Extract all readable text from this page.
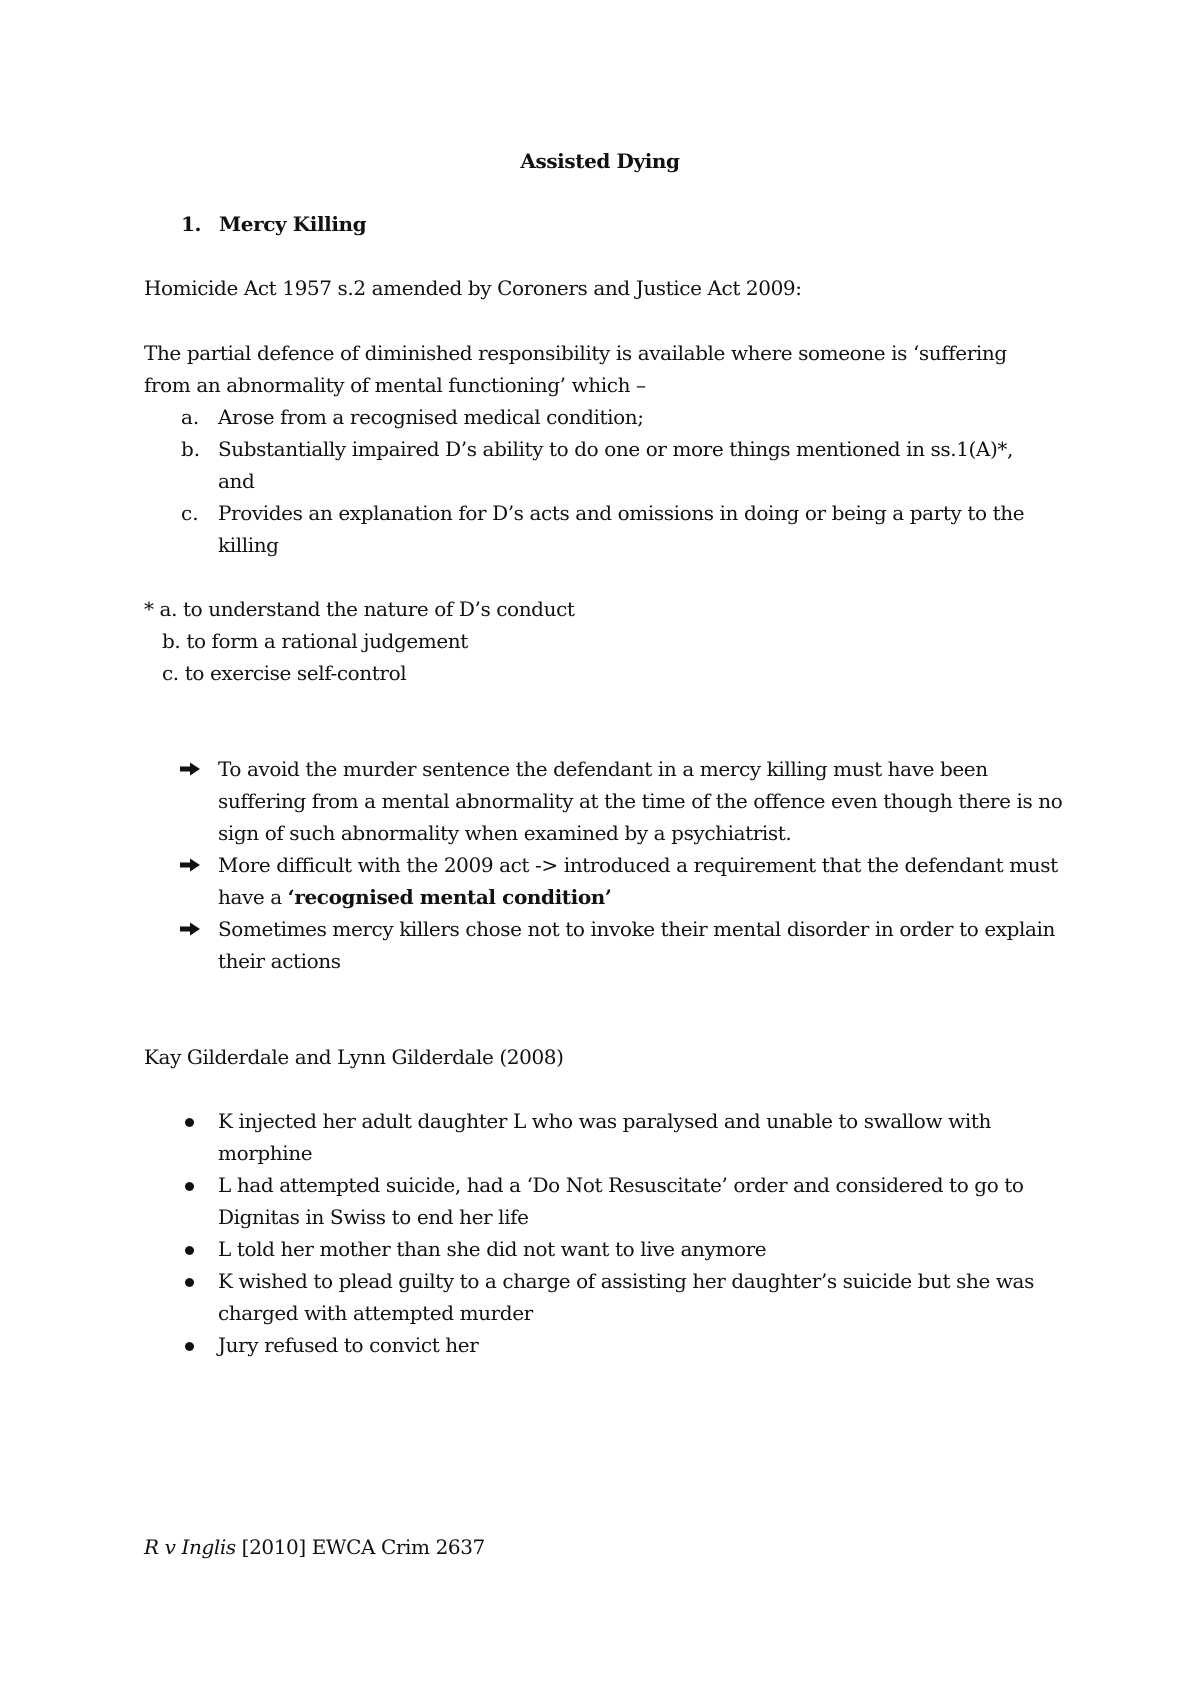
Assisted Dying
1. Mercy Killing
Homicide Act 1957 s.2 amended by Coroners and Justice Act 2009:
The partial defence of diminished responsibility is available where someone is ‘suffering
from an abnormality of mental functioning’ which –
a. Arose from a recognised medical condition;
b. Substantially impaired D’s ability to do one or more things mentioned in ss.1(A)*,
and
c. Provides an explanation for D’s acts and omissions in doing or being a party to the
killing
* a. to understand the nature of D’s conduct
b. to form a rational judgement
c. to exercise self-control
To avoid the murder sentence the defendant in a mercy killing must have been
suffering from a mental abnormality at the time of the offence even though there is no
sign of such abnormality when examined by a psychiatrist.
More difficult with the 2009 act -> introduced a requirement that the defendant must
have a ‘recognised mental condition’
Sometimes mercy killers chose not to invoke their mental disorder in order to explain
their actions
Kay Gilderdale and Lynn Gilderdale (2008)
K injected her adult daughter L who was paralysed and unable to swallow with
morphine
L had attempted suicide, had a ‘Do Not Resuscitate’ order and considered to go to
Dignitas in Swiss to end her life
L told her mother than she did not want to live anymore
K wished to plead guilty to a charge of assisting her daughter’s suicide but she was
charged with attempted murder
Jury refused to convict her
R v Inglis [2010] EWCA Crim 2637
